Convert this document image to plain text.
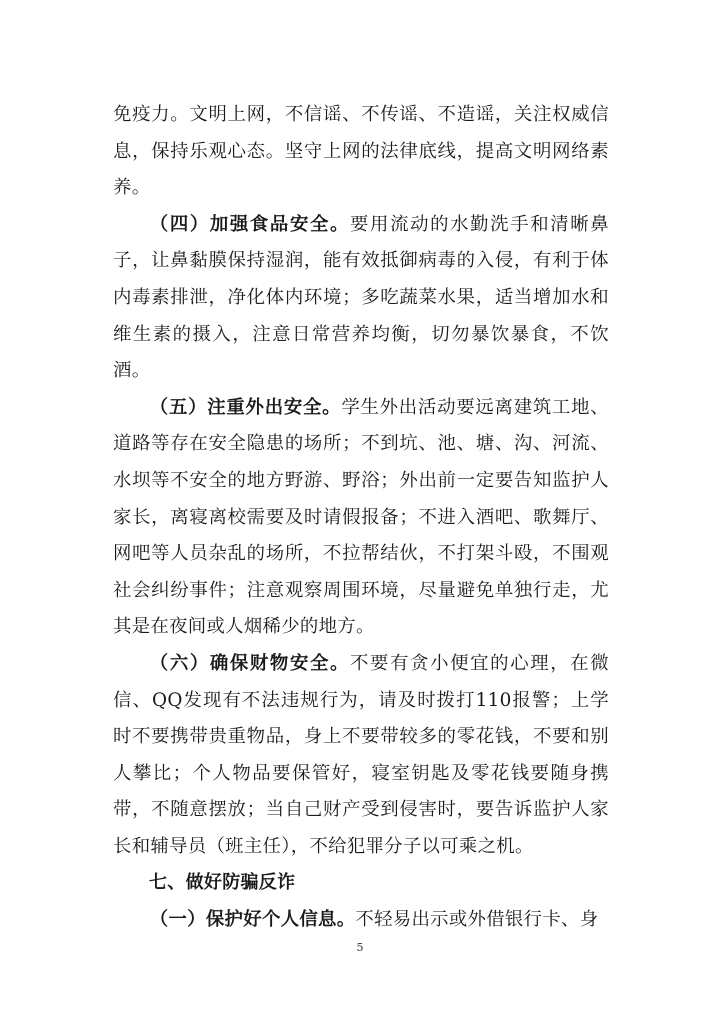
免疫力。文明上网，不信谣、不传谣、不造谣，关注权威信息，保持乐观心态。坚守上网的法律底线，提高文明网络素养。

（四）加强食品安全。要用流动的水勤洗手和清晰鼻子，让鼻黏膜保持湿润，能有效抵御病毒的入侵，有利于体内毒素排泄，净化体内环境；多吃蔬菜水果，适当增加水和维生素的摄入，注意日常营养均衡，切勿暴饮暴食，不饮酒。

（五）注重外出安全。学生外出活动要远离建筑工地、道路等存在安全隐患的场所；不到坑、池、塘、沟、河流、水坝等不安全的地方野游、野浴；外出前一定要告知监护人家长，离寝离校需要及时请假报备；不进入酒吧、歌舞厅、网吧等人员杂乱的场所，不拉帮结伙，不打架斗殴，不围观社会纠纷事件；注意观察周围环境，尽量避免单独行走，尤其是在夜间或人烟稀少的地方。

（六）确保财物安全。不要有贪小便宜的心理，在微信、QQ发现有不法违规行为，请及时拨打110报警；上学时不要携带贵重物品，身上不要带较多的零花钱，不要和别人攀比；个人物品要保管好，寝室钥匙及零花钱要随身携带，不随意摆放；当自己财产受到侵害时，要告诉监护人家长和辅导员（班主任），不给犯罪分子以可乘之机。

七、做好防骗反诈

（一）保护好个人信息。不轻易出示或外借银行卡、身

5
